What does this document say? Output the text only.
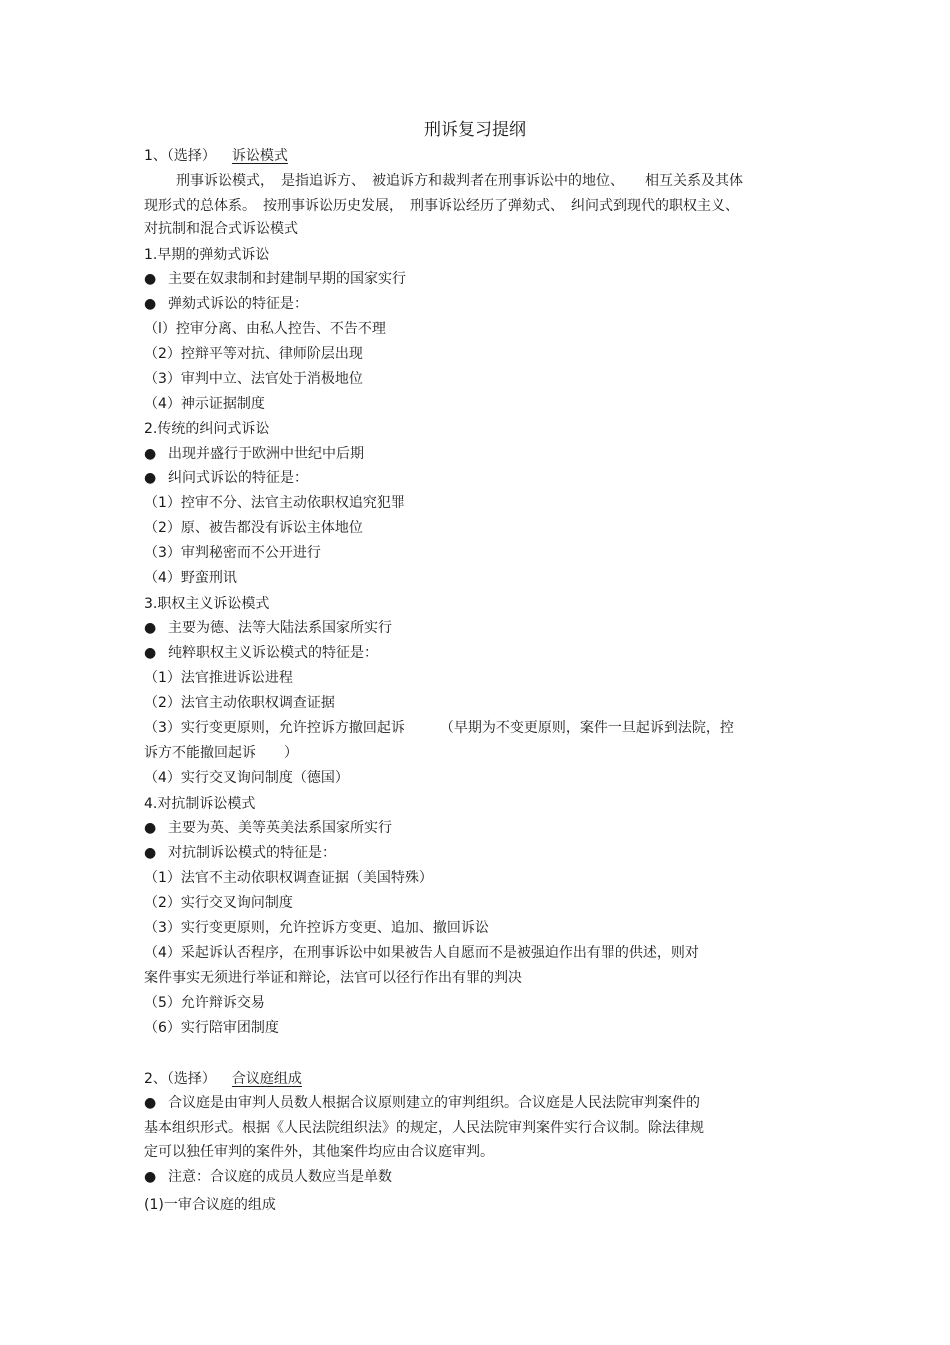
刑诉复习提纲
1、（选择） 诉讼模式
刑事诉讼模式，　是指追诉方、　被追诉方和裁判者在刑事诉讼中的地位、　　相互关系及其体
现形式的总体系。　按刑事诉讼历史发展，　刑事诉讼经历了弹劾式、　纠问式到现代的职权主义、
对抗制和混合式诉讼模式
1.早期的弹劾式诉讼
● 主要在奴隶制和封建制早期的国家实行
● 弹劾式诉讼的特征是：
（l）控审分离、由私人控告、不告不理
（2）控辩平等对抗、律师阶层出现
（3）审判中立、法官处于消极地位
（4）神示证据制度
2.传统的纠问式诉讼
● 出现并盛行于欧洲中世纪中后期
● 纠问式诉讼的特征是：
（1）控审不分、法官主动依职权追究犯罪
（2）原、被告都没有诉讼主体地位
（3）审判秘密而不公开进行
（4）野蛮刑讯
3.职权主义诉讼模式
● 主要为德、法等大陆法系国家所实行
● 纯粹职权主义诉讼模式的特征是：
（1）法官推进诉讼进程
（2）法官主动依职权调查证据
（3）实行变更原则，允许控诉方撤回起诉　　　（早期为不变更原则，案件一旦起诉到法院，控
诉方不能撤回起诉　　）
（4）实行交叉询问制度（德国）
4.对抗制诉讼模式
● 主要为英、美等英美法系国家所实行
● 对抗制诉讼模式的特征是：
（1）法官不主动依职权调查证据（美国特殊）
（2）实行交叉询问制度
（3）实行变更原则，允许控诉方变更、追加、撤回诉讼
（4）采起诉认否程序，在刑事诉讼中如果被告人自愿而不是被强迫作出有罪的供述，则对
案件事实无须进行举证和辩论，法官可以径行作出有罪的判决
（5）允许辩诉交易
（6）实行陪审团制度
2、（选择） 合议庭组成
● 合议庭是由审判人员数人根据合议原则建立的审判组织。合议庭是人民法院审判案件的
基本组织形式。根据《人民法院组织法》的规定，人民法院审判案件实行合议制。除法律规
定可以独任审判的案件外，其他案件均应由合议庭审判。
● 注意：合议庭的成员人数应当是单数
(1)一审合议庭的组成
